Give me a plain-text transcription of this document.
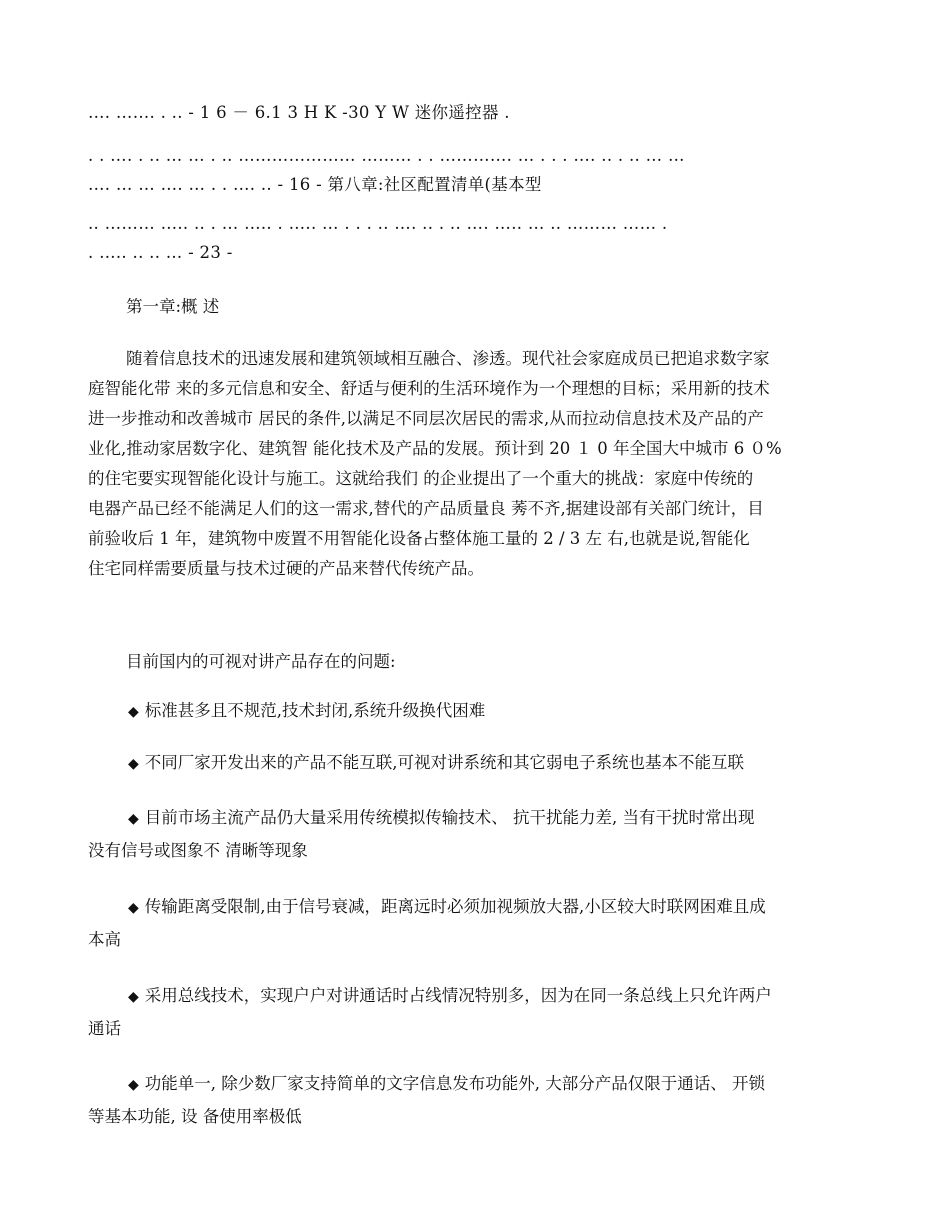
…. ……. . .. - 1 6 － 6.1 3 H K -30 Y W 迷你遥控器 .
. . …. . .. … … . .. ………………… ……… . . …………. … . . . …. .. . .. … …
…. … … …. … . . …. .. - 16 - 第八章:社区配置清单(基本型
.. ……… ….. .. . … ….. . ….. … . . . .. …. .. . .. …. ….. … .. ……… …… .
. ….. .. .. … - 23 -
第一章:概 述

随着信息技术的迅速发展和建筑领域相互融合、渗透。现代社会家庭成员已把追求数字家

庭智能化带 来的多元信息和安全、舒适与便利的生活环境作为一个理想的目标；采用新的技术

进一步推动和改善城市 居民的条件,以满足不同层次居民的需求,从而拉动信息技术及产品的产

业化,推动家居数字化、建筑智 能化技术及产品的发展。预计到 20 １ 0 年全国大中城市 6 ０%

的住宅要实现智能化设计与施工。这就给我们 的企业提出了一个重大的挑战：家庭中传统的

电器产品已经不能满足人们的这一需求,替代的产品质量良 莠不齐,据建设部有关部门统计，目

前验收后 1 年，建筑物中废置不用智能化设备占整体施工量的 2 / 3 左 右,也就是说,智能化

住宅同样需要质量与技术过硬的产品来替代传统产品。

目前国内的可视对讲产品存在的问题:
◆ 标准甚多且不规范,技术封闭,系统升级换代困难
◆ 不同厂家开发出来的产品不能互联,可视对讲系统和其它弱电子系统也基本不能互联
◆ 目前市场主流产品仍大量采用传统模拟传输技术、 抗干扰能力差, 当有干扰时常出现
没有信号或图象不 清晰等现象
◆ 传输距离受限制,由于信号衰减，距离远时必须加视频放大器,小区较大时联网困难且成
本高
◆ 采用总线技术，实现户户对讲通话时占线情况特别多，因为在同一条总线上只允许两户
通话
◆ 功能单一, 除少数厂家支持简单的文字信息发布功能外, 大部分产品仅限于通话、 开锁
等基本功能, 设 备使用率极低
